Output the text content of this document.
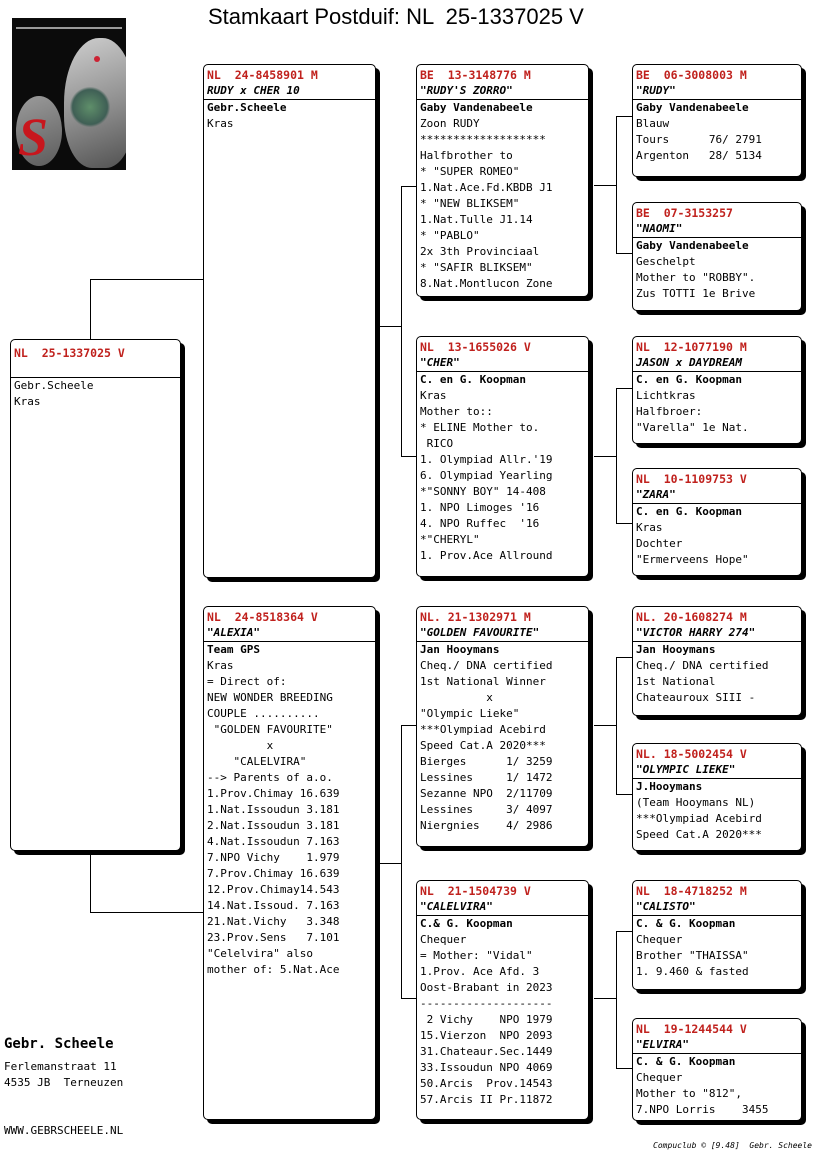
Stamkaart Postduif: NL  25-1337025 V
S
NL  25-1337025 V
Gebr.Scheele
Kras
NL  24-8458901 M
RUDY x CHER 10
Gebr.Scheele
Kras
NL  24-8518364 V
"ALEXIA"
Team GPS
Kras
= Direct of:
NEW WONDER BREEDING
COUPLE ..........
"GOLDEN FAVOURITE"
x
"CALELVIRA"
--> Parents of a.o.
1.Prov.Chimay 16.639
1.Nat.Issoudun 3.181
2.Nat.Issoudun 3.181
4.Nat.Issoudun 7.163
7.NPO Vichy    1.979
7.Prov.Chimay 16.639
12.Prov.Chimay14.543
14.Nat.Issoud. 7.163
21.Nat.Vichy   3.348
23.Prov.Sens   7.101
"Celelvira" also
mother of: 5.Nat.Ace
BE  13-3148776 M
"RUDY'S ZORRO"
Gaby Vandenabeele
Zoon RUDY
*******************
Halfbrother to
* "SUPER ROMEO"
1.Nat.Ace.Fd.KBDB J1
* "NEW BLIKSEM"
1.Nat.Tulle J1.14
* "PABLO"
2x 3th Provinciaal
* "SAFIR BLIKSEM"
8.Nat.Montlucon Zone
NL  13-1655026 V
"CHER"
C. en G. Koopman
Kras
Mother to::
* ELINE Mother to.
RICO
1. Olympiad Allr.'19
6. Olympiad Yearling
*"SONNY BOY" 14-408
1. NPO Limoges '16
4. NPO Ruffec  '16
*"CHERYL"
1. Prov.Ace Allround
NL. 21-1302971 M
"GOLDEN FAVOURITE"
Jan Hooymans
Cheq./ DNA certified
1st National Winner
x
"Olympic Lieke"
***Olympiad Acebird
Speed Cat.A 2020***
Bierges      1/ 3259
Lessines     1/ 1472
Sezanne NPO  2/11709
Lessines     3/ 4097
Niergnies    4/ 2986
NL  21-1504739 V
"CALELVIRA"
C.& G. Koopman
Chequer
= Mother: "Vidal"
1.Prov. Ace Afd. 3
Oost-Brabant in 2023
--------------------
2 Vichy    NPO 1979
15.Vierzon  NPO 2093
31.Chateaur.Sec.1449
33.Issoudun NPO 4069
50.Arcis  Prov.14543
57.Arcis II Pr.11872
BE  06-3008003 M
"RUDY"
Gaby Vandenabeele
Blauw
Tours      76/ 2791
Argenton   28/ 5134
BE  07-3153257
"NAOMI"
Gaby Vandenabeele
Geschelpt
Mother to "ROBBY".
Zus TOTTI 1e Brive
NL  12-1077190 M
JASON x DAYDREAM
C. en G. Koopman
Lichtkras
Halfbroer:
"Varella" 1e Nat.
NL  10-1109753 V
"ZARA"
C. en G. Koopman
Kras
Dochter
"Ermerveens Hope"
NL. 20-1608274 M
"VICTOR HARRY 274"
Jan Hooymans
Cheq./ DNA certified
1st National
Chateauroux SIII -
NL. 18-5002454 V
"OLYMPIC LIEKE"
J.Hooymans
(Team Hooymans NL)
***Olympiad Acebird
Speed Cat.A 2020***
NL  18-4718252 M
"CALISTO"
C. & G. Koopman
Chequer
Brother "THAISSA"
1. 9.460 & fasted
NL  19-1244544 V
"ELVIRA"
C. & G. Koopman
Chequer
Mother to "812",
7.NPO Lorris    3455
Gebr. Scheele
Ferlemanstraat 11
4535 JB  Terneuzen
WWW.GEBRSCHEELE.NL
Compuclub © [9.48]  Gebr. Scheele
